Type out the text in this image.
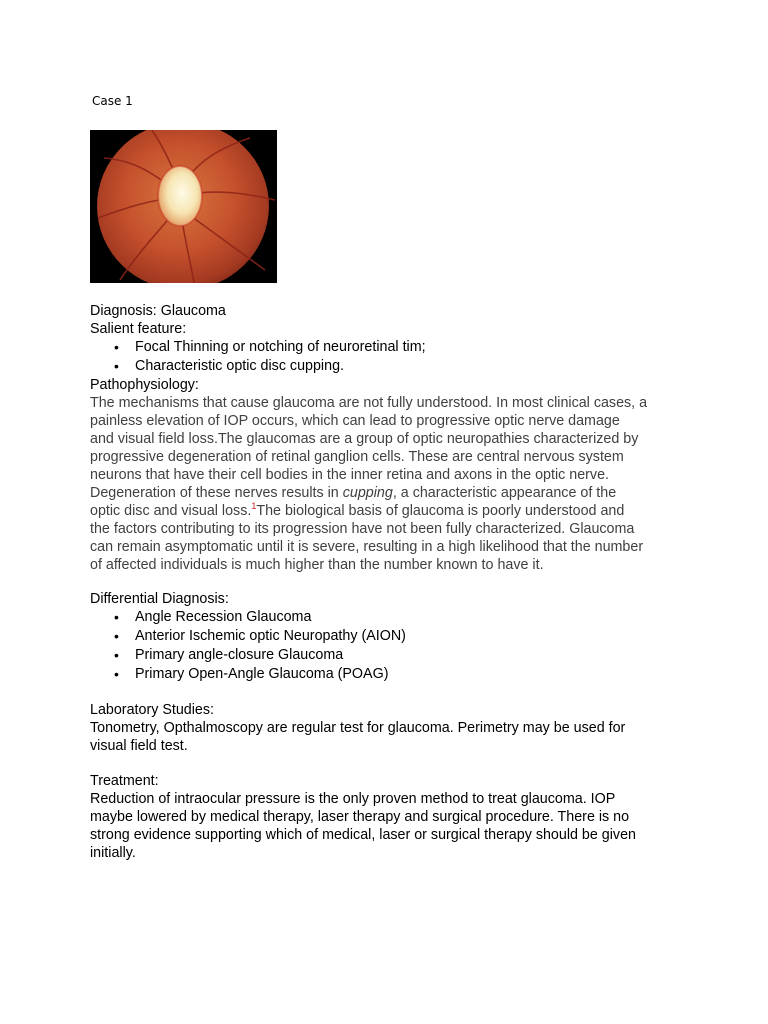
Case 1
Diagnosis: Glaucoma
Salient feature:
• Focal Thinning or notching of neuroretinal tim;
• Characteristic optic disc cupping.
Pathophysiology:
The mechanisms that cause glaucoma are not fully understood. In most clinical cases, a
painless elevation of IOP occurs, which can lead to progressive optic nerve damage
and visual field loss.The glaucomas are a group of optic neuropathies characterized by
progressive degeneration of retinal ganglion cells. These are central nervous system
neurons that have their cell bodies in the inner retina and axons in the optic nerve.
Degeneration of these nerves results in cupping, a characteristic appearance of the
optic disc and visual loss.$^1$The biological basis of glaucoma is poorly understood and
the factors contributing to its progression have not been fully characterized. Glaucoma
can remain asymptomatic until it is severe, resulting in a high likelihood that the number
of affected individuals is much higher than the number known to have it.
Differential Diagnosis:
• Angle Recession Glaucoma
• Anterior Ischemic optic Neuropathy (AION)
• Primary angle-closure Glaucoma
• Primary Open-Angle Glaucoma (POAG)
Laboratory Studies:
Tonometry, Opthalmoscopy are regular test for glaucoma. Perimetry may be used for
visual field test.
Treatment:
Reduction of intraocular pressure is the only proven method to treat glaucoma. IOP
maybe lowered by medical therapy, laser therapy and surgical procedure. There is no
strong evidence supporting which of medical, laser or surgical therapy should be given
initially.
